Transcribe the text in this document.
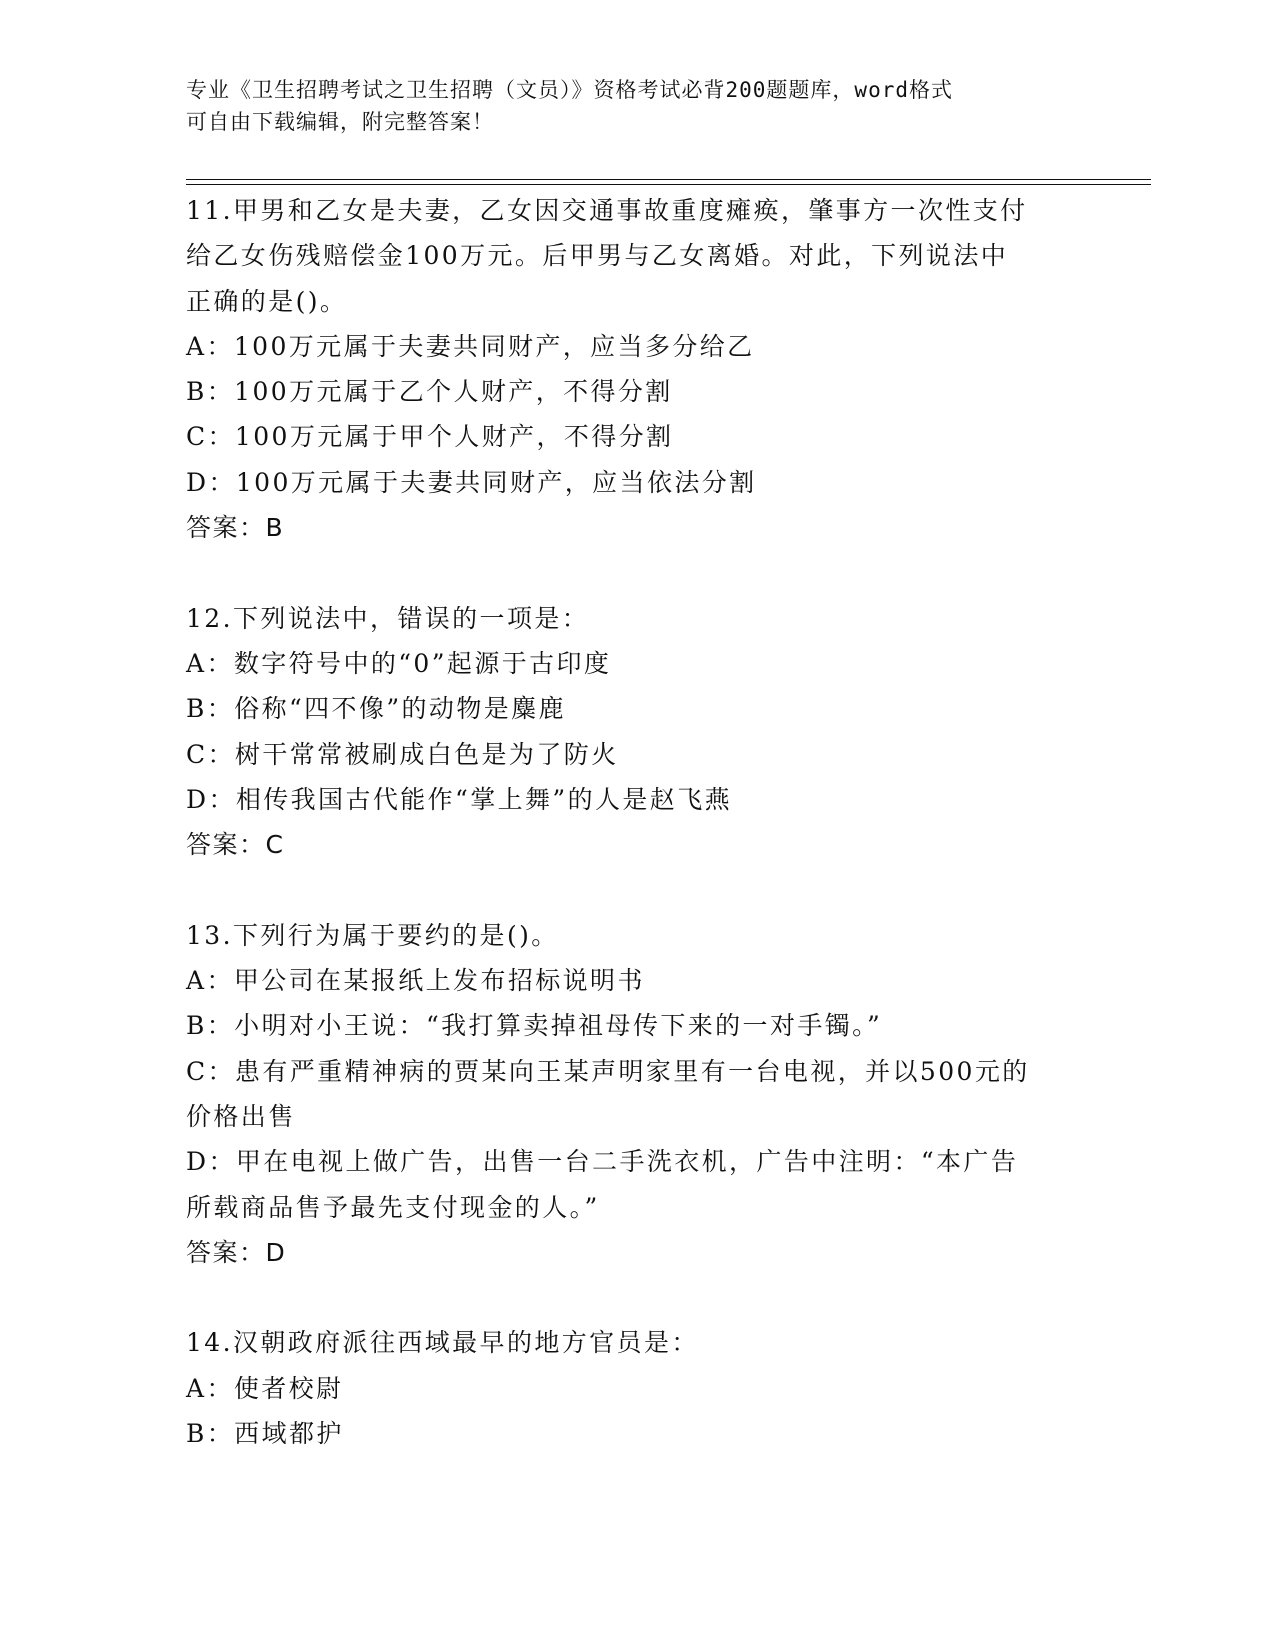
专业《卫生招聘考试之卫生招聘（文员）》资格考试必背200题题库，word格式
可自由下载编辑，附完整答案！
11.甲男和乙女是夫妻，乙女因交通事故重度瘫痪，肇事方一次性支付
给乙女伤残赔偿金100万元。后甲男与乙女离婚。对此，下列说法中
正确的是()。
A：100万元属于夫妻共同财产，应当多分给乙
B：100万元属于乙个人财产，不得分割
C：100万元属于甲个人财产，不得分割
D：100万元属于夫妻共同财产，应当依法分割
答案：B
12.下列说法中，错误的一项是：
A：数字符号中的“0”起源于古印度
B：俗称“四不像”的动物是麋鹿
C：树干常常被刷成白色是为了防火
D：相传我国古代能作“掌上舞”的人是赵飞燕
答案：C
13.下列行为属于要约的是()。
A：甲公司在某报纸上发布招标说明书
B：小明对小王说：“我打算卖掉祖母传下来的一对手镯。”
C：患有严重精神病的贾某向王某声明家里有一台电视，并以500元的
价格出售
D：甲在电视上做广告，出售一台二手洗衣机，广告中注明：“本广告
所载商品售予最先支付现金的人。”
答案：D
14.汉朝政府派往西域最早的地方官员是：
A：使者校尉
B：西域都护
